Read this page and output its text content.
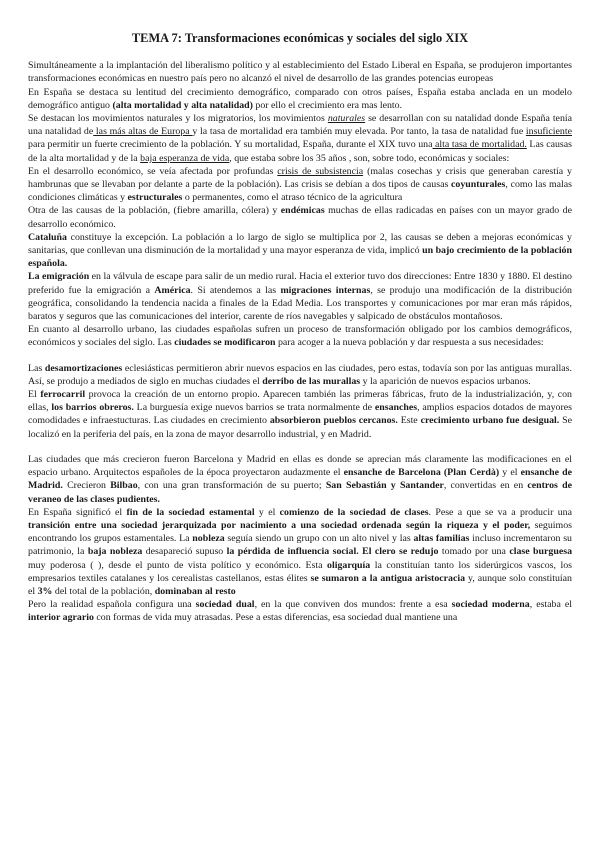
TEMA 7: Transformaciones económicas y sociales del siglo XIX

Simultáneamente a la implantación del liberalismo político y al establecimiento del Estado Liberal en España, se produjeron importantes transformaciones económicas en nuestro país pero no alcanzó el nivel de desarrollo de las grandes potencias europeas

En España se destaca su lentitud del crecimiento demográfico, comparado con otros países, España estaba anclada en un modelo demográfico antiguo (alta mortalidad y alta natalidad) por ello el crecimiento era mas lento.

Se destacan los movimientos naturales y los migratorios, los movimientos naturales se desarrollan con su natalidad donde España tenía una natalidad de las más altas de Europa y la tasa de mortalidad era también muy elevada. Por tanto, la tasa de natalidad fue insuficiente para permitir un fuerte crecimiento de la población. Y su mortalidad, España, durante el XIX tuvo una alta tasa de mortalidad. Las causas de la alta mortalidad y de la baja esperanza de vida, que estaba sobre los 35 años , son, sobre todo, económicas y sociales:

En el desarrollo económico, se veía afectada por profundas crisis de subsistencia (malas cosechas y crisis que generaban carestía y hambrunas que se llevaban por delante a parte de la población). Las crisis se debían a dos tipos de causas coyunturales, como las malas condiciones climáticas y estructurales o permanentes, como el atraso técnico de la agricultura

Otra de las causas de la población, (fiebre amarilla, cólera) y endémicas muchas de ellas radicadas en países con un mayor grado de desarrollo económico.

Cataluña constituye la excepción. La población a lo largo de siglo se multiplica por 2, las causas se deben a mejoras económicas y sanitarias, que conllevan una disminución de la mortalidad y una mayor esperanza de vida, implicó un bajo crecimiento de la población española.

La emigración en la válvula de escape para salir de un medio rural. Hacia el exterior tuvo dos direcciones: Entre 1830 y 1880. El destino preferido fue la emigración a América. Si atendemos a las migraciones internas, se produjo una modificación de la distribución geográfica, consolidando la tendencia nacida a finales de la Edad Media. Los transportes y comunicaciones por mar eran más rápidos, baratos y seguros que las comunicaciones del interior, carente de ríos navegables y salpicado de obstáculos montañosos.

En cuanto al desarrollo urbano, las ciudades españolas sufren un proceso de transformación obligado por los cambios demográficos, económicos y sociales del siglo. Las ciudades se modificaron para acoger a la nueva población y dar respuesta a sus necesidades:

Las desamortizaciones eclesiásticas permitieron abrir nuevos espacios en las ciudades, pero estas, todavía son por las antiguas murallas. Así, se produjo a mediados de siglo en muchas ciudades el derribo de las murallas y la aparición de nuevos espacios urbanos.

El ferrocarril provoca la creación de un entorno propio. Aparecen también las primeras fábricas, fruto de la industrialización, y, con ellas, los barrios obreros. La burguesía exige nuevos barrios se trata normalmente de ensanches, amplios espacios dotados de mayores comodidades e infraestucturas. Las ciudades en crecimiento absorbieron pueblos cercanos. Este crecimiento urbano fue desigual. Se localizó en la periferia del país, en la zona de mayor desarrollo industrial, y en Madrid.

Las ciudades que más crecieron fueron Barcelona y Madrid en ellas es donde se aprecian más claramente las modificaciones en el espacio urbano. Arquitectos españoles de la época proyectaron audazmente el ensanche de Barcelona (Plan Cerdà) y el ensanche de Madrid. Crecieron Bilbao, con una gran transformación de su puerto; San Sebastián y Santander, convertidas en en centros de veraneo de las clases pudientes.

En España significó el fin de la sociedad estamental y el comienzo de la sociedad de clases. Pese a que se va a producir una transición entre una sociedad jerarquizada por nacimiento a una sociedad ordenada según la riqueza y el poder, seguimos encontrando los grupos estamentales. La nobleza seguía siendo un grupo con un alto nivel y las altas familias incluso incrementaron su patrimonio, la baja nobleza desapareció supuso la pérdida de influencia social. El clero se redujo tomado por una clase burguesa muy poderosa ( ), desde el punto de vista político y económico. Esta oligarquía la constituían tanto los siderúrgicos vascos, los empresarios textiles catalanes y los cerealistas castellanos, estas élites se sumaron a la antigua aristocracia y, aunque solo constituían el 3% del total de la población, dominaban al resto

Pero la realidad española configura una sociedad dual, en la que conviven dos mundos: frente a esa sociedad moderna, estaba el interior agrario con formas de vida muy atrasadas. Pese a estas diferencias, esa sociedad dual mantiene una
